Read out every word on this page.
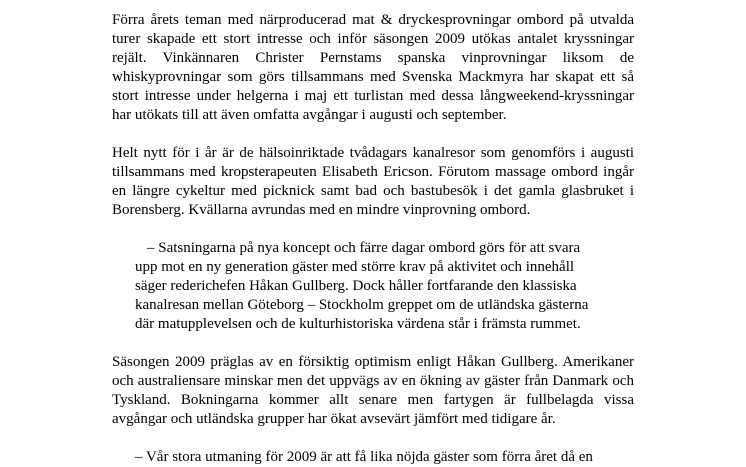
Förra årets teman med närproducerad mat & dryckesprovningar ombord på utvalda
turer skapade ett stort intresse och inför säsongen 2009 utökas antalet kryssningar
rejält. Vinkännaren Christer Pernstams spanska vinprovningar liksom de
whiskyprovningar som görs tillsammans med Svenska Mackmyra har skapat ett så
stort intresse under helgerna i maj ett turlistan med dessa långweekend-kryssningar
har utökats till att även omfatta avgångar i augusti och september.
Helt nytt för i år är de hälsoinriktade tvådagars kanalresor som genomförs i augusti
tillsammans med kropsterapeuten Elisabeth Ericson. Förutom massage ombord ingår
en längre cykeltur med picknick samt bad och bastubesök i det gamla glasbruket i
Borensberg. Kvällarna avrundas med en mindre vinprovning ombord.
– Satsningarna på nya koncept och färre dagar ombord görs för att svara
upp mot en ny generation gäster med större krav på aktivitet och innehåll
säger rederichefen Håkan Gullberg. Dock håller fortfarande den klassiska
kanalresan mellan Göteborg – Stockholm greppet om de utländska gästerna
där matupplevelsen och de kulturhistoriska värdena står i främsta rummet.
Säsongen 2009 präglas av en försiktig optimism enligt Håkan Gullberg. Amerikaner
och australiensare minskar men det uppvägs av en ökning av gäster från Danmark och
Tyskland. Bokningarna kommer allt senare men fartygen är fullbelagda vissa
avgångar och utländska grupper har ökat avsevärt jämfört med tidigare år.
– Vår stora utmaning för 2009 är att få lika nöjda gäster som förra året då en
